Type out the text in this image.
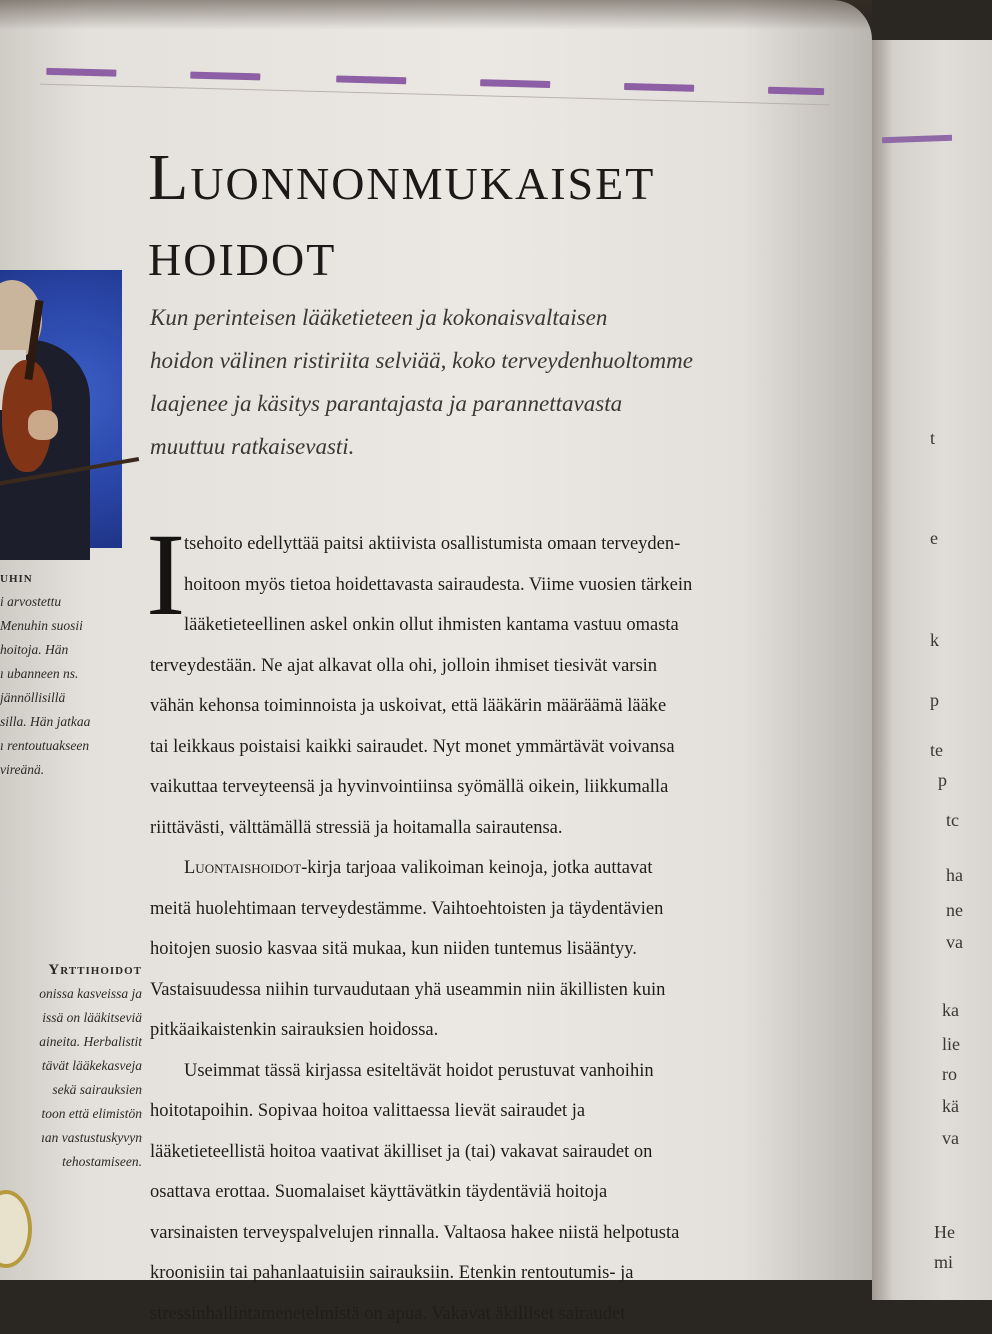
t
e
k
p
te
p
tc
ha
ne
va
ka
lie
ro
kä
va
He
mi
uhin
i arvostettu
Menuhin suosii
hoitoja. Hän
ı ubanneen ns.
jännöllisillä
silla. Hän jatkaa
ı rentoutuakseen
vireänä.
Yrttihoidot
onissa kasveissa ja
issä on lääkitseviä
aineita. Herbalistit
tävät lääkekasveja
sekä sairauksien
toon että elimistön
ıan vastustuskyvyn
tehostamiseen.
Luonnonmukaiset
hoidot
Kun perinteisen lääketieteen ja kokonaisvaltaisen
hoidon välinen ristiriita selviää, koko terveydenhuoltomme
laajenee ja käsitys parantajasta ja parannettavasta
muuttuu ratkaisevasti.
I
tsehoito edellyttää paitsi aktiivista osallistumista omaan terveyden-
hoitoon myös tietoa hoidettavasta sairaudesta. Viime vuosien tärkein
lääketieteellinen askel onkin ollut ihmisten kantama vastuu omasta
terveydestään. Ne ajat alkavat olla ohi, jolloin ihmiset tiesivät varsin
vähän kehonsa toiminnoista ja uskoivat, että lääkärin määräämä lääke
tai leikkaus poistaisi kaikki sairaudet. Nyt monet ymmärtävät voivansa
vaikuttaa terveyteensä ja hyvinvointiinsa syömällä oikein, liikkumalla
riittävästi, välttämällä stressiä ja hoitamalla sairautensa.
Luontaishoidot-kirja tarjoaa valikoiman keinoja, jotka auttavat
meitä huolehtimaan terveydestämme. Vaihtoehtoisten ja täydentävien
hoitojen suosio kasvaa sitä mukaa, kun niiden tuntemus lisääntyy.
Vastaisuudessa niihin turvaudutaan yhä useammin niin äkillisten kuin
pitkäaikaistenkin sairauksien hoidossa.
Useimmat tässä kirjassa esiteltävät hoidot perustuvat vanhoihin
hoitotapoihin. Sopivaa hoitoa valittaessa lievät sairaudet ja
lääketieteellistä hoitoa vaativat äkilliset ja (tai) vakavat sairaudet on
osattava erottaa. Suomalaiset käyttävätkin täydentäviä hoitoja
varsinaisten terveyspalvelujen rinnalla. Valtaosa hakee niistä helpotusta
kroonisiin tai pahanlaatuisiin sairauksiin. Etenkin rentoutumis- ja
stressinhallintamenetelmistä on apua. Vakavat äkilliset sairaudet
